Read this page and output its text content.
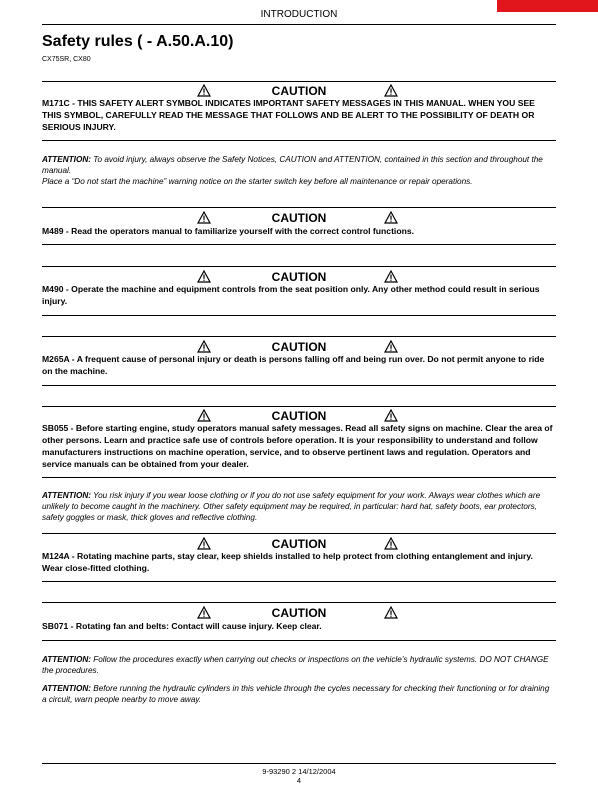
INTRODUCTION
Safety rules ( - A.50.A.10)
CX75SR, CX80
CAUTION
M171C - THIS SAFETY ALERT SYMBOL INDICATES IMPORTANT SAFETY MESSAGES IN THIS MANUAL. WHEN YOU SEE THIS SYMBOL, CAREFULLY READ THE MESSAGE THAT FOLLOWS AND BE ALERT TO THE POSSIBILITY OF DEATH OR SERIOUS INJURY.
ATTENTION: To avoid injury, always observe the Safety Notices, CAUTION and ATTENTION, contained in this section and throughout the manual.
Place a “Do not start the machine” warning notice on the starter switch key before all maintenance or repair operations.
CAUTION
M489 - Read the operators manual to familiarize yourself with the correct control functions.
CAUTION
M490 - Operate the machine and equipment controls from the seat position only. Any other method could result in serious injury.
CAUTION
M265A - A frequent cause of personal injury or death is persons falling off and being run over. Do not permit anyone to ride on the machine.
CAUTION
SB055 - Before starting engine, study operators manual safety messages. Read all safety signs on machine. Clear the area of other persons. Learn and practice safe use of controls before operation. It is your responsibility to understand and follow manufacturers instructions on machine operation, service, and to observe pertinent laws and regulation. Operators and service manuals can be obtained from your dealer.
ATTENTION: You risk injury if you wear loose clothing or if you do not use safety equipment for your work. Always wear clothes which are unlikely to become caught in the machinery. Other safety equipment may be required, in particular: hard hat, safety boots, ear protectors, safety goggles or mask, thick gloves and reflective clothing.
CAUTION
M124A - Rotating machine parts, stay clear, keep shields installed to help protect from clothing entanglement and injury. Wear close-fitted clothing.
CAUTION
SB071 - Rotating fan and belts: Contact will cause injury. Keep clear.
ATTENTION: Follow the procedures exactly when carrying out checks or inspections on the vehicle’s hydraulic systems. DO NOT CHANGE the procedures.
ATTENTION: Before running the hydraulic cylinders in this vehicle through the cycles necessary for checking their functioning or for draining a circuit, warn people nearby to move away.
9-93290 2 14/12/2004
4
